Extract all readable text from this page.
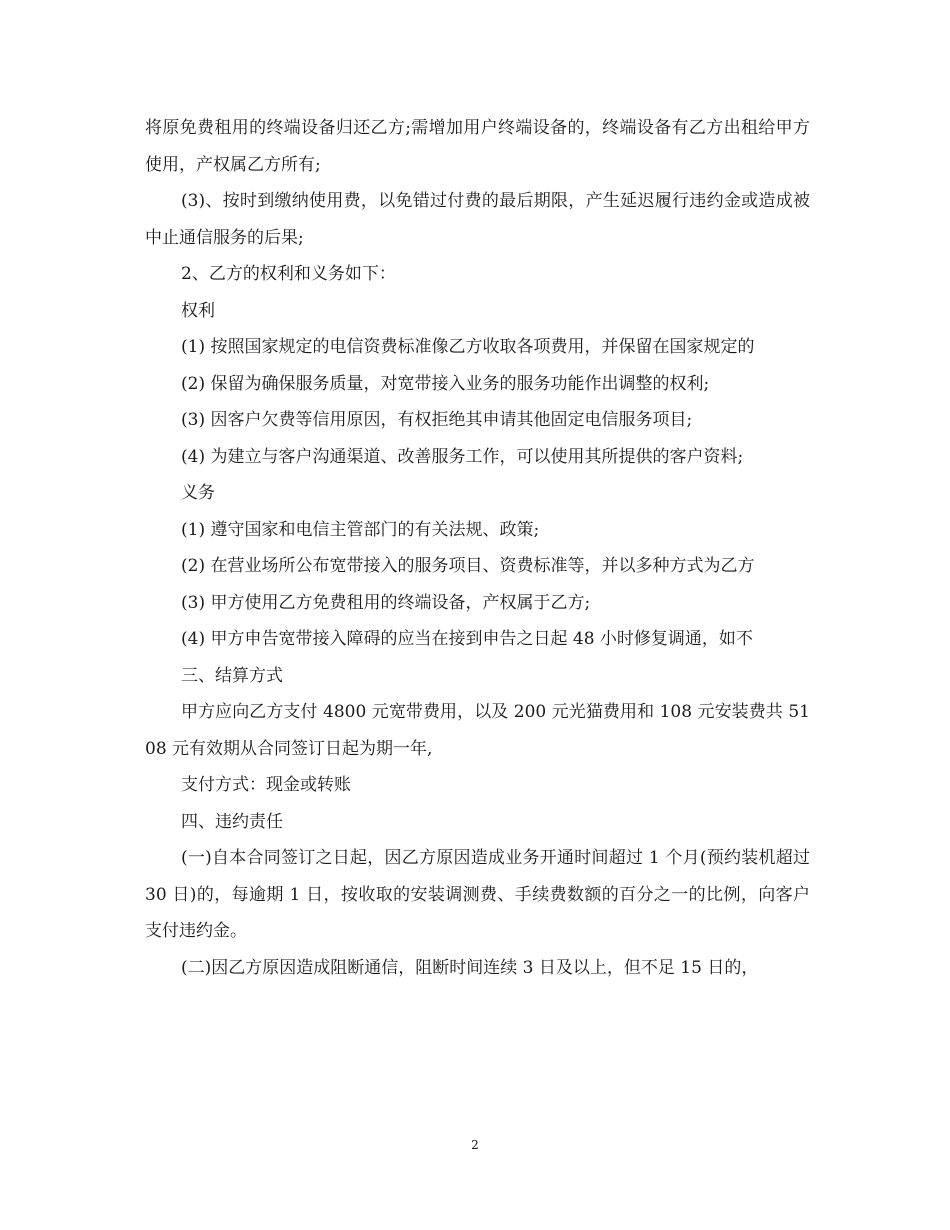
将原免费租用的终端设备归还乙方;需增加用户终端设备的，终端设备有乙方出租给甲方使用，产权属乙方所有;

(3)、按时到缴纳使用费，以免错过付费的最后期限，产生延迟履行违约金或造成被中止通信服务的后果;

2、乙方的权利和义务如下：

权利

(1) 按照国家规定的电信资费标准像乙方收取各项费用，并保留在国家规定的

(2) 保留为确保服务质量，对宽带接入业务的服务功能作出调整的权利;

(3) 因客户欠费等信用原因，有权拒绝其申请其他固定电信服务项目;

(4) 为建立与客户沟通渠道、改善服务工作，可以使用其所提供的客户资料;

义务

(1) 遵守国家和电信主管部门的有关法规、政策;

(2) 在营业场所公布宽带接入的服务项目、资费标准等，并以多种方式为乙方

(3) 甲方使用乙方免费租用的终端设备，产权属于乙方;

(4) 甲方申告宽带接入障碍的应当在接到申告之日起 48 小时修复调通，如不

三、结算方式

甲方应向乙方支付 4800 元宽带费用，以及 200 元光猫费用和 108 元安装费共 5108 元有效期从合同签订日起为期一年,

支付方式：现金或转账

四、违约责任

(一)自本合同签订之日起，因乙方原因造成业务开通时间超过 1 个月(预约装机超过 30 日)的，每逾期 1 日，按收取的安装调测费、手续费数额的百分之一的比例，向客户支付违约金。

(二)因乙方原因造成阻断通信，阻断时间连续 3 日及以上，但不足 15 日的，

2
